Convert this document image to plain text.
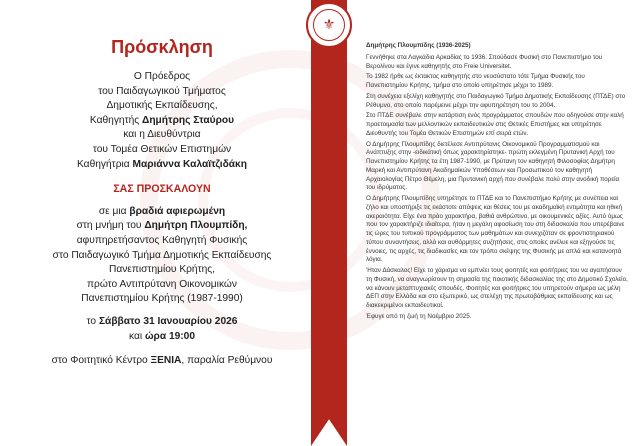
Πρόσκληση

Ο Πρόεδρος

του Παιδαγωγικού Τμήματος

Δημοτικής Εκπαίδευσης,

Καθηγητής Δημήτρης Σταύρου

και η Διευθύντρια

του Τομέα Θετικών Επιστημών

Καθηγήτρια Μαριάννα Καλαϊτζιδάκη

ΣΑΣ ΠΡΟΣΚΑΛΟΥΝ

σε μια βραδιά αφιερωμένη

στη μνήμη του Δημήτρη Πλουμπίδη,

αφυπηρετήσαντος Καθηγητή Φυσικής

στο Παιδαγωγικό Τμήμα Δημοτικής Εκπαίδευσης

Πανεπιστημίου Κρήτης,

πρώτο Αντιπρύτανη Οικονομικών

Πανεπιστημίου Κρήτης (1987-1990)

το Σάββατο 31 Ιανουαρίου 2026

και ώρα 19:00

στο Φοιτητικό Κέντρο ΞΕΝΙΑ, παραλία Ρεθύμνου

⚜

Δημήτρης Πλουμπίδης (1936-2025)

Γεννήθηκε στα Λαγκάδια Αρκαδίας το 1936. Σπούδασε Φυσική στο Πανεπιστήμιο του Βερολίνου και έγινε καθηγητής στο Freie Universitet.

Το 1982 ήρθε ως έκτακτος καθηγητής στο νεοσύστατο τότε Τμήμα Φυσικής του Πανεπιστημίου Κρήτης, τμήμα στο οποίο υπηρέτησε μέχρι το 1989.

Στη συνέχεια εξελίχη καθηγητής στο Παιδαγωγικό Τμήμα Δημοτικής Εκπαίδευσης (ΠΤΔΕ) στο Ρέθυμνο, στο οποίο παρέμεινε μέχρι την αφυπηρέτηση του το 2004.

Στο ΠΤΔΕ συνέβαλε στην κατάρτιση ενός προγράμματος σπουδών που οδηγούσε στην καλή προετοιμασία των μελλοντικών εκπαιδευτικών στις Θετικές Επιστήμες και υπηρέτησε Διευθυντής του Τομέα Θετικών Επιστημών επί σειρά ετών.

Ο Δημήτρης Πλουμπίδης διετέλεσε Αντιπρύτανις Οικονομικού Προγραμματισμού και Ανάπτυξης στην -ειδικάτική όπως χαρακτηρίστηκε- πρώτη εκλεγμένη Πρυτανική Αρχή του Πανεπιστημίου Κρήτης τα έτη 1987-1990, με Πρύτανη τον καθηγητή Φιλοσοφίας Δημήτρη Μαρκή και Αντιπρύτανη Ακαδημαϊκών Υποθέσεων και Προσωπικού τον καθηγητή Αρχαιολογίας Πέτρο Θέμελη, μια Πρυτανική αρχή που συνέβαλε πολύ στην ανοδική πορεία του ιδρύματος.

Ο Δημήτρης Πλουμπίδης υπηρέτησε το ΠΤΔΕ και το Πανεπιστήμιο Κρήτης με συνέπεια και ζήλο και υποστήριξε τις εκάστοτε απόψεις και θέσεις του με ακαδημαϊκή εντιμότητα και ηθική ακεραιότητα. Είχε ένα πράο χαρακτήρα, βαθιά ανθρώπινο, με οικουμενικές αξίες. Αυτό όμως που τον χαρακτήριζε ιδιαίτερα, ήταν η μεγάλη αφοσίωση του στη διδασκαλία που υπερέβαινε τις ώρες του τυπικού προγράμματος των μαθημάτων και συνεχιζόταν σε φροντιστηριακού τύπου συναντήσεις, αλλά και αυθόρμητες συζητήσεις, στις οποίες ανέλυε και εξηγούσε τις έννοιες, τις αρχές, τις διαδικασίες και τον τρόπο σκέψης της Φυσικής με απλά και κατανοητά λόγια.

'Ηταν Δάσκαλος! Είχε το χάρισμα να εμπνέει τους φοιτητές και φοιτήτριες του να αγαπήσουν τη Φυσική, να αναγνωρίσουν τη σημασία της ποιοτικής διδασκαλίας της στο Δημοτικό Σχολείο, να κάνουν μεταπτυχιακές σπουδές. Φοιτητές και φοιτήτριες του υπηρετούν σήμερα ως μέλη ΔΕΠ στην Ελλάδα και στο εξωτερικό, ως στελέχη της πρωτοβάθμιας εκπαίδευσης και ως διακεκριμένοι εκπαιδευτικοί.

Έφυγε από τη ζωή τη Νοέμβριο 2025.
